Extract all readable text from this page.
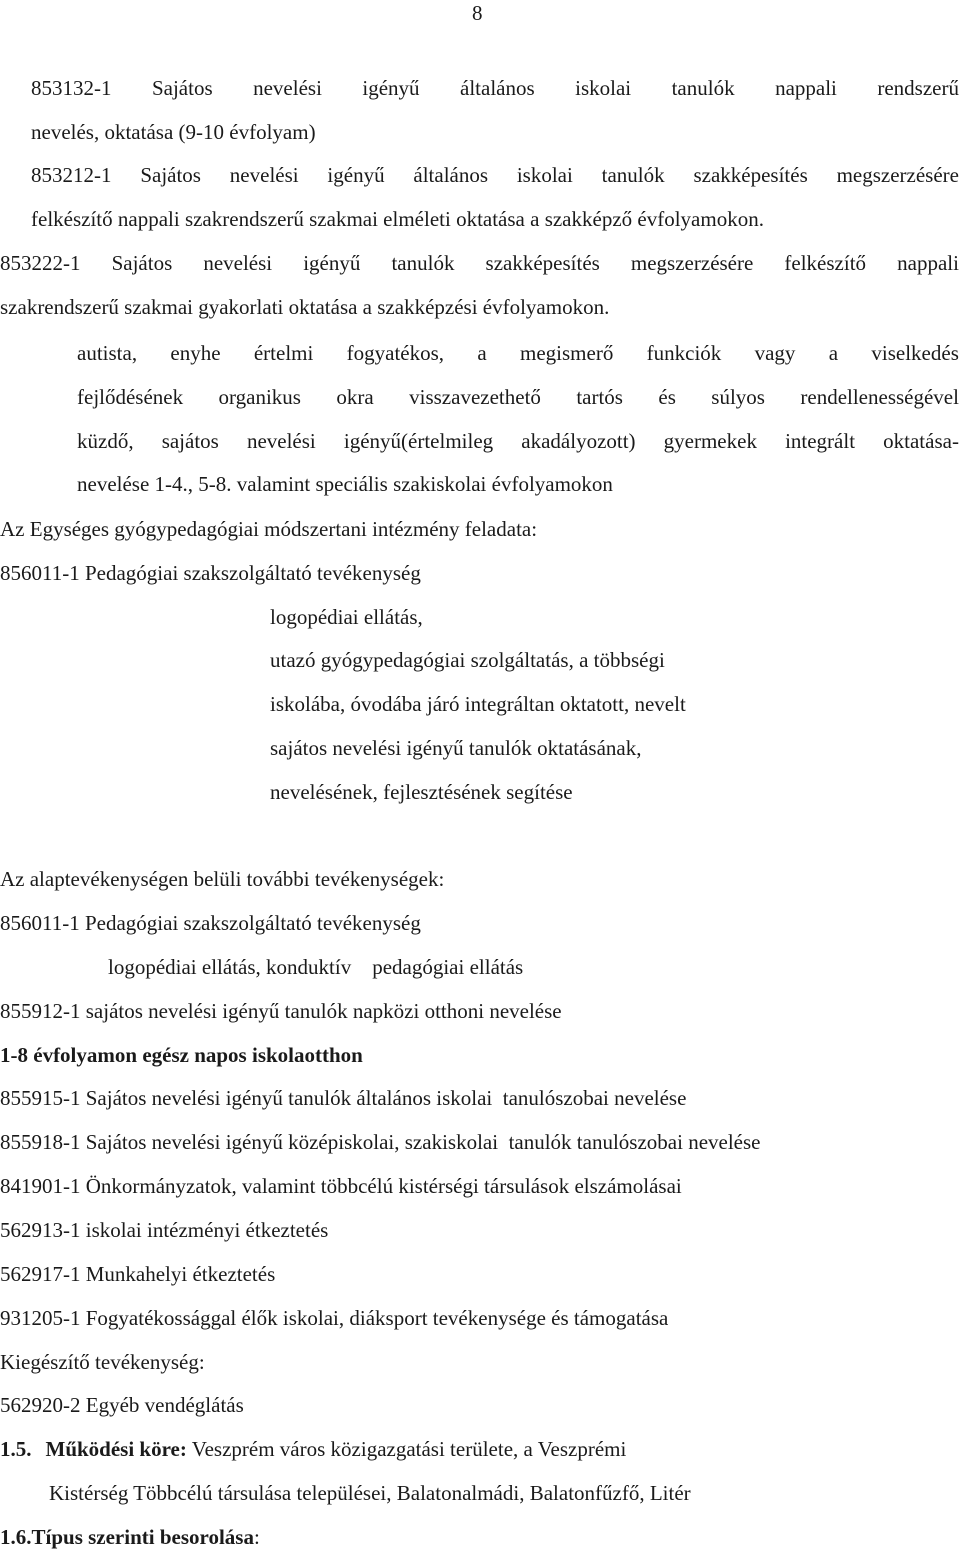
8
853132-1 Sajátos nevelési igényű általános iskolai tanulók nappali rendszerű
nevelés, oktatása (9-10 évfolyam)
853212-1 Sajátos nevelési igényű általános iskolai tanulók szakképesítés megszerzésére
felkészítő nappali szakrendszerű szakmai elméleti oktatása a szakképző évfolyamokon.
853222-1 Sajátos nevelési igényű tanulók szakképesítés megszerzésére felkészítő nappali
szakrendszerű szakmai gyakorlati oktatása a szakképzési évfolyamokon.
autista, enyhe értelmi fogyatékos, a megismerő funkciók vagy a viselkedés
fejlődésének organikus okra visszavezethető tartós és súlyos rendellenességével
küzdő, sajátos nevelési igényű(értelmileg akadályozott) gyermekek integrált oktatása-
nevelése 1-4., 5-8. valamint speciális szakiskolai évfolyamokon
Az Egységes gyógypedagógiai módszertani intézmény feladata:
856011-1 Pedagógiai szakszolgáltató tevékenység
logopédiai ellátás,
utazó gyógypedagógiai szolgáltatás, a többségi
iskolába, óvodába járó integráltan oktatott, nevelt
sajátos nevelési igényű tanulók oktatásának,
nevelésének, fejlesztésének segítése
Az alaptevékenységen belüli további tevékenységek:
856011-1 Pedagógiai szakszolgáltató tevékenység
logopédiai ellátás, konduktív    pedagógiai ellátás
855912-1 sajátos nevelési igényű tanulók napközi otthoni nevelése
1-8 évfolyamon egész napos iskolaotthon
855915-1 Sajátos nevelési igényű tanulók általános iskolai  tanulószobai nevelése
855918-1 Sajátos nevelési igényű középiskolai, szakiskolai  tanulók tanulószobai nevelése
841901-1 Önkormányzatok, valamint többcélú kistérségi társulások elszámolásai
562913-1 iskolai intézményi étkeztetés
562917-1 Munkahelyi étkeztetés
931205-1 Fogyatékossággal élők iskolai, diáksport tevékenysége és támogatása
Kiegészítő tevékenység:
562920-2 Egyéb vendéglátás
1.5. Működési köre: Veszprém város közigazgatási területe, a Veszprémi
Kistérség Többcélú társulása települései, Balatonalmádi, Balatonfűzfő, Litér
1.6.Típus szerinti besorolása:
